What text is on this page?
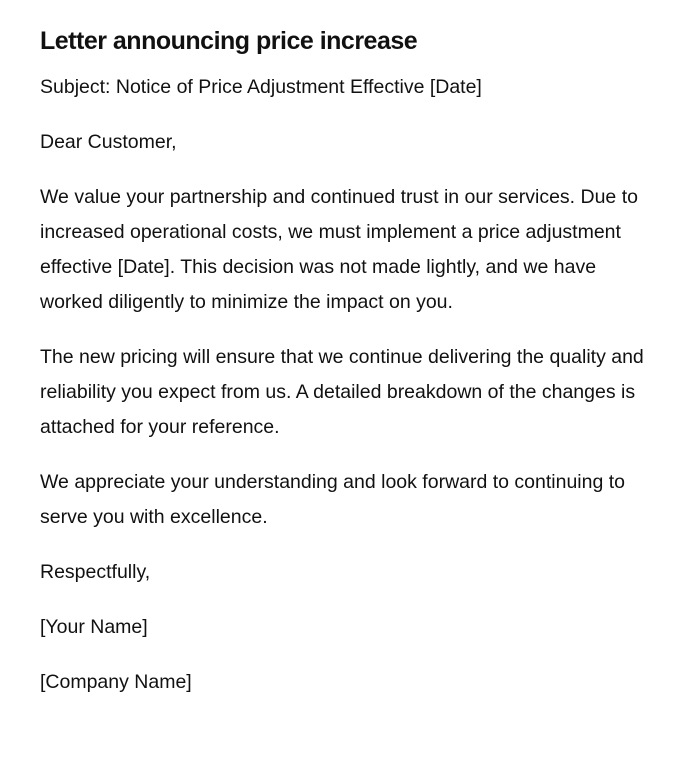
Letter announcing price increase

Subject: Notice of Price Adjustment Effective [Date]

Dear Customer,

We value your partnership and continued trust in our services. Due to increased operational costs, we must implement a price adjustment effective [Date]. This decision was not made lightly, and we have worked diligently to minimize the impact on you.

The new pricing will ensure that we continue delivering the quality and reliability you expect from us. A detailed breakdown of the changes is attached for your reference.

We appreciate your understanding and look forward to continuing to serve you with excellence.

Respectfully,

[Your Name]

[Company Name]
